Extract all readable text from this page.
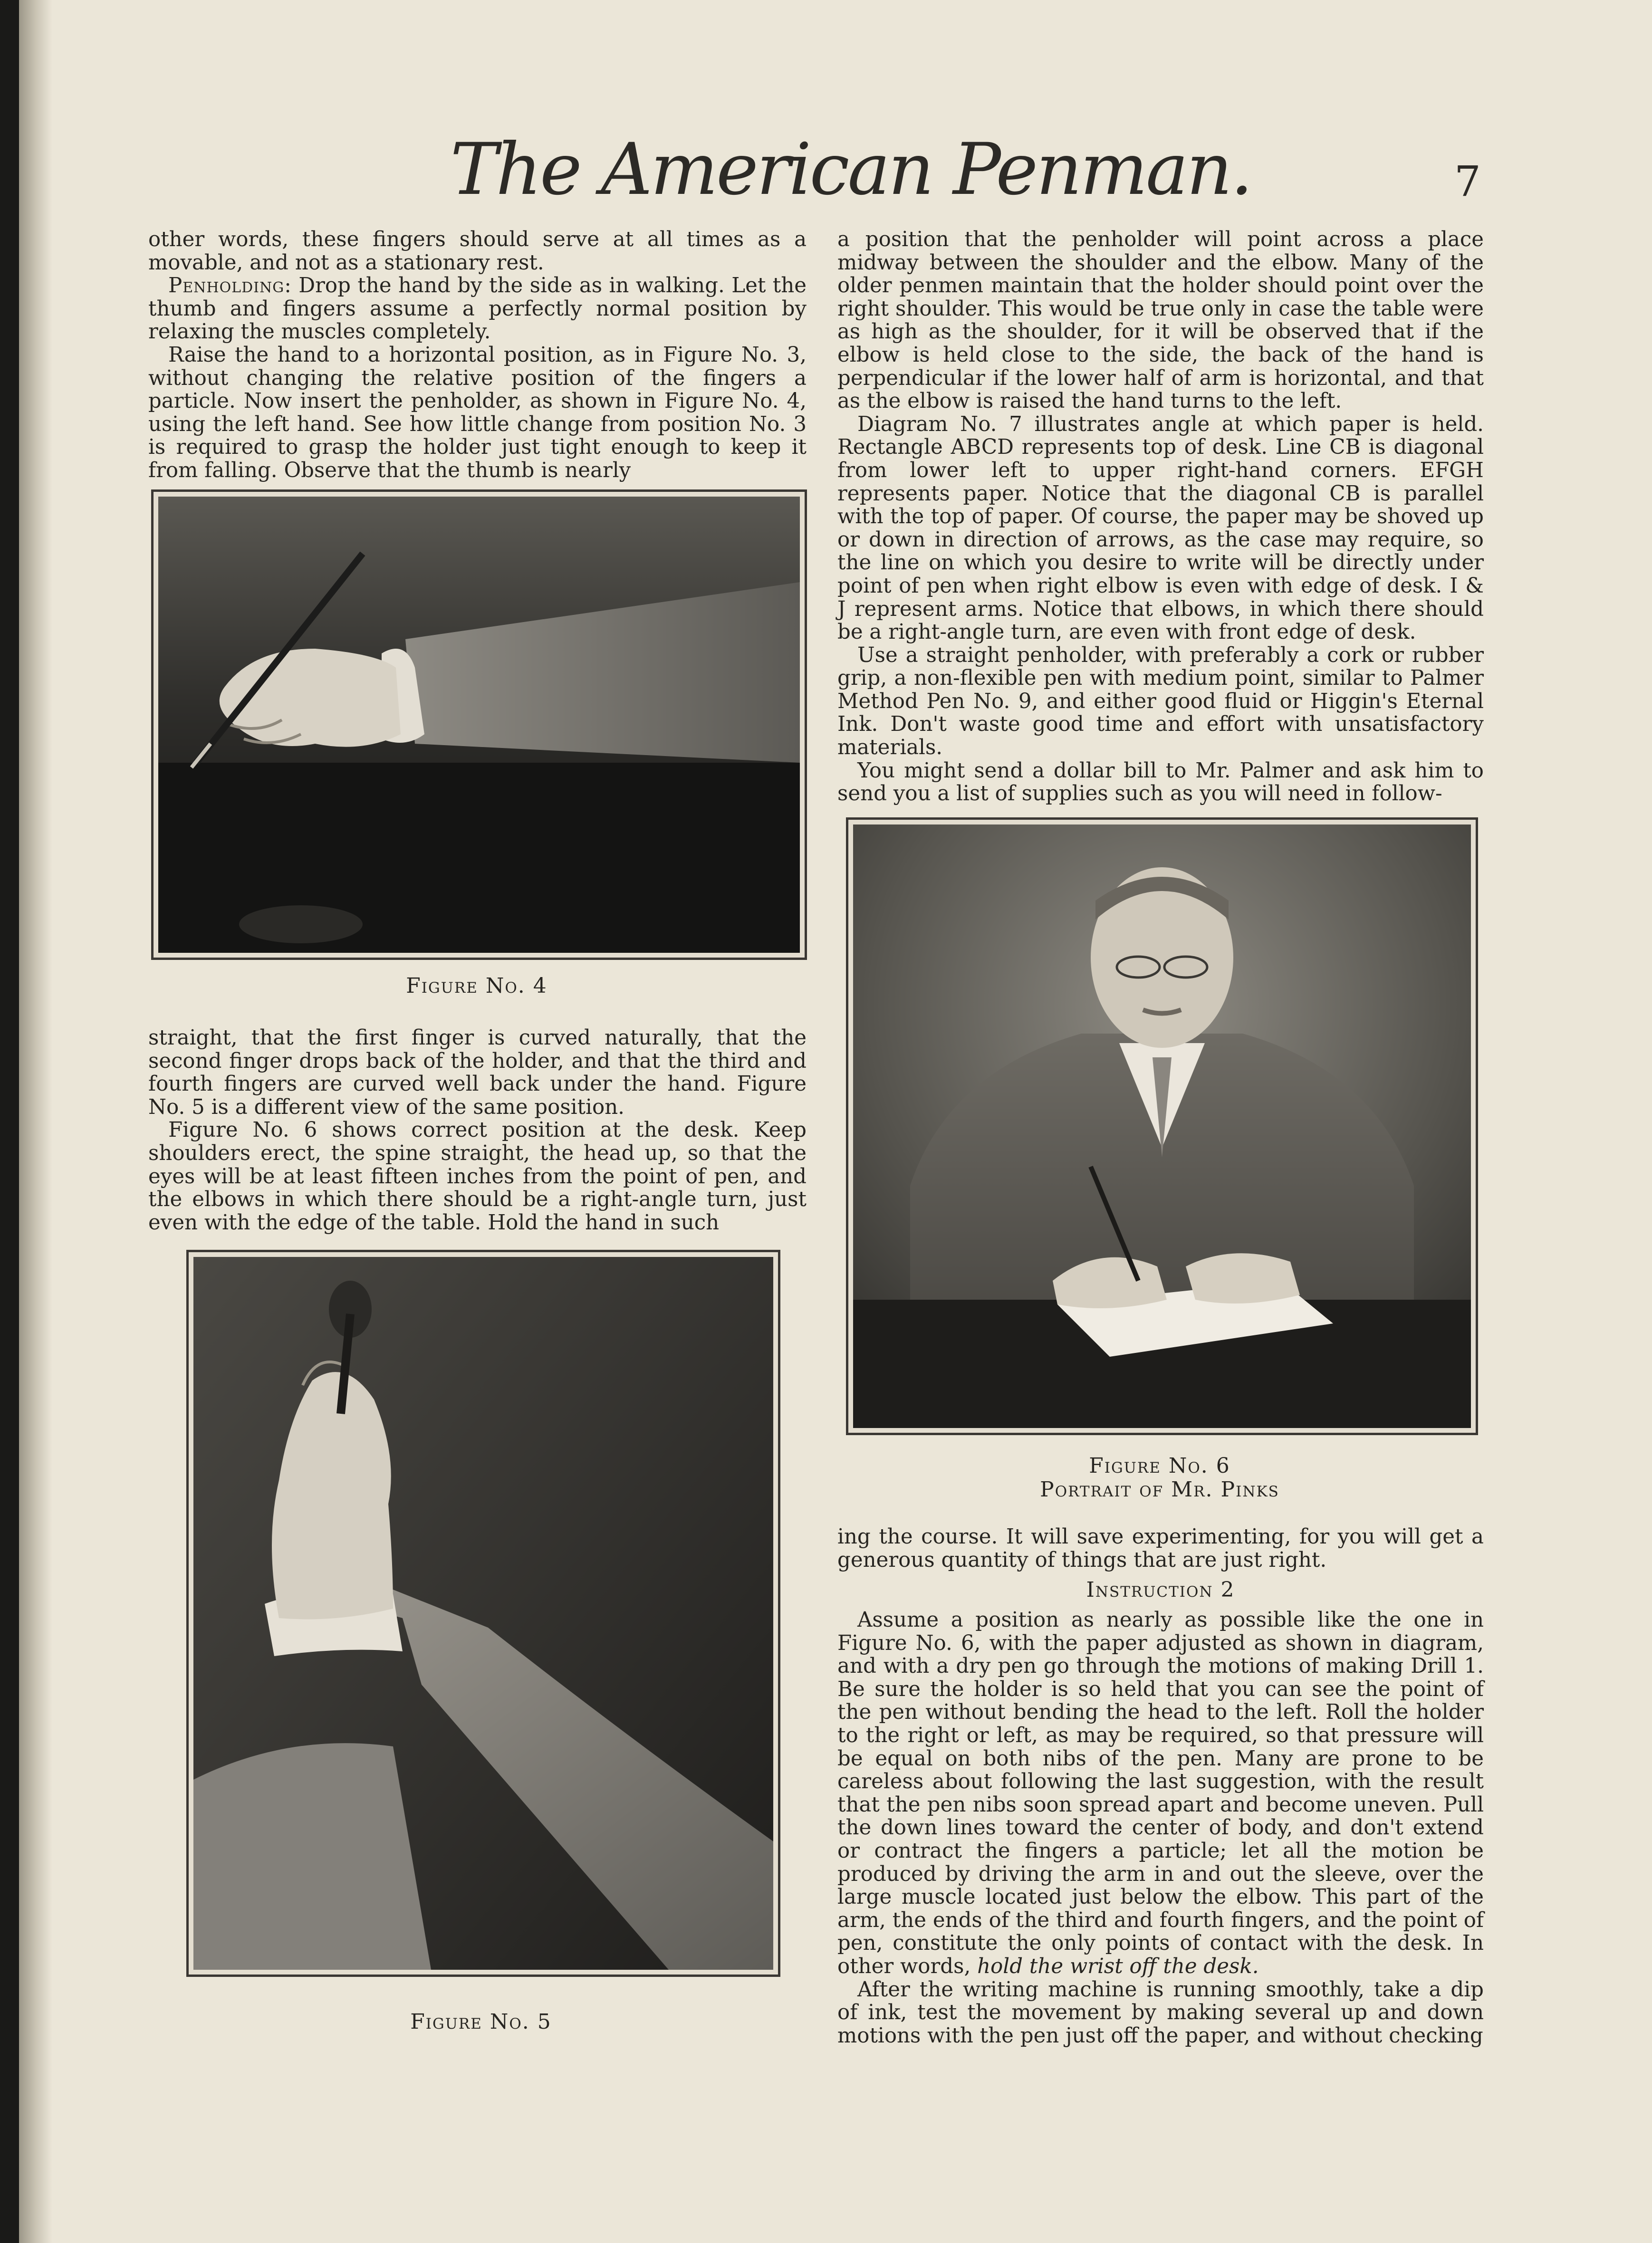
The American Penman.	7

other words, these fingers should serve at all times as a movable, and not as a stationary rest.

Penholding: Drop the hand by the side as in walking. Let the thumb and fingers assume a perfectly normal position by relaxing the muscles completely.

Raise the hand to a horizontal position, as in Figure No. 3, without changing the relative position of the fingers a particle. Now insert the penholder, as shown in Figure No. 4, using the left hand. See how little change from position No. 3 is required to grasp the holder just tight enough to keep it from falling. Observe that the thumb is nearly

Figure No. 4

straight, that the first finger is curved naturally, that the second finger drops back of the holder, and that the third and fourth fingers are curved well back under the hand. Figure No. 5 is a different view of the same position.

Figure No. 6 shows correct position at the desk. Keep shoulders erect, the spine straight, the head up, so that the eyes will be at least fifteen inches from the point of pen, and the elbows in which there should be a right-angle turn, just even with the edge of the table. Hold the hand in such

Figure No. 5

a position that the penholder will point across a place midway between the shoulder and the elbow. Many of the older penmen maintain that the holder should point over the right shoulder. This would be true only in case the table were as high as the shoulder, for it will be observed that if the elbow is held close to the side, the back of the hand is perpendicular if the lower half of arm is horizontal, and that as the elbow is raised the hand turns to the left.

Diagram No. 7 illustrates angle at which paper is held. Rectangle ABCD represents top of desk. Line CB is diagonal from lower left to upper right-hand corners. EFGH represents paper. Notice that the diagonal CB is parallel with the top of paper. Of course, the paper may be shoved up or down in direction of arrows, as the case may require, so the line on which you desire to write will be directly under point of pen when right elbow is even with edge of desk. I & J represent arms. Notice that elbows, in which there should be a right-angle turn, are even with front edge of desk.

Use a straight penholder, with preferably a cork or rubber grip, a non-flexible pen with medium point, similar to Palmer Method Pen No. 9, and either good fluid or Higgin's Eternal Ink. Don't waste good time and effort with unsatisfactory materials.

You might send a dollar bill to Mr. Palmer and ask him to send you a list of supplies such as you will need in follow-

Figure No. 6
Portrait of Mr. Pinks

ing the course. It will save experimenting, for you will get a generous quantity of things that are just right.

Instruction 2

Assume a position as nearly as possible like the one in Figure No. 6, with the paper adjusted as shown in diagram, and with a dry pen go through the motions of making Drill 1. Be sure the holder is so held that you can see the point of the pen without bending the head to the left. Roll the holder to the right or left, as may be required, so that pressure will be equal on both nibs of the pen. Many are prone to be careless about following the last suggestion, with the result that the pen nibs soon spread apart and become uneven. Pull the down lines toward the center of body, and don't extend or contract the fingers a particle; let all the motion be produced by driving the arm in and out the sleeve, over the large muscle located just below the elbow. This part of the arm, the ends of the third and fourth fingers, and the point of pen, constitute the only points of contact with the desk. In other words, hold the wrist off the desk.

After the writing machine is running smoothly, take a dip of ink, test the movement by making several up and down motions with the pen just off the paper, and without checking
